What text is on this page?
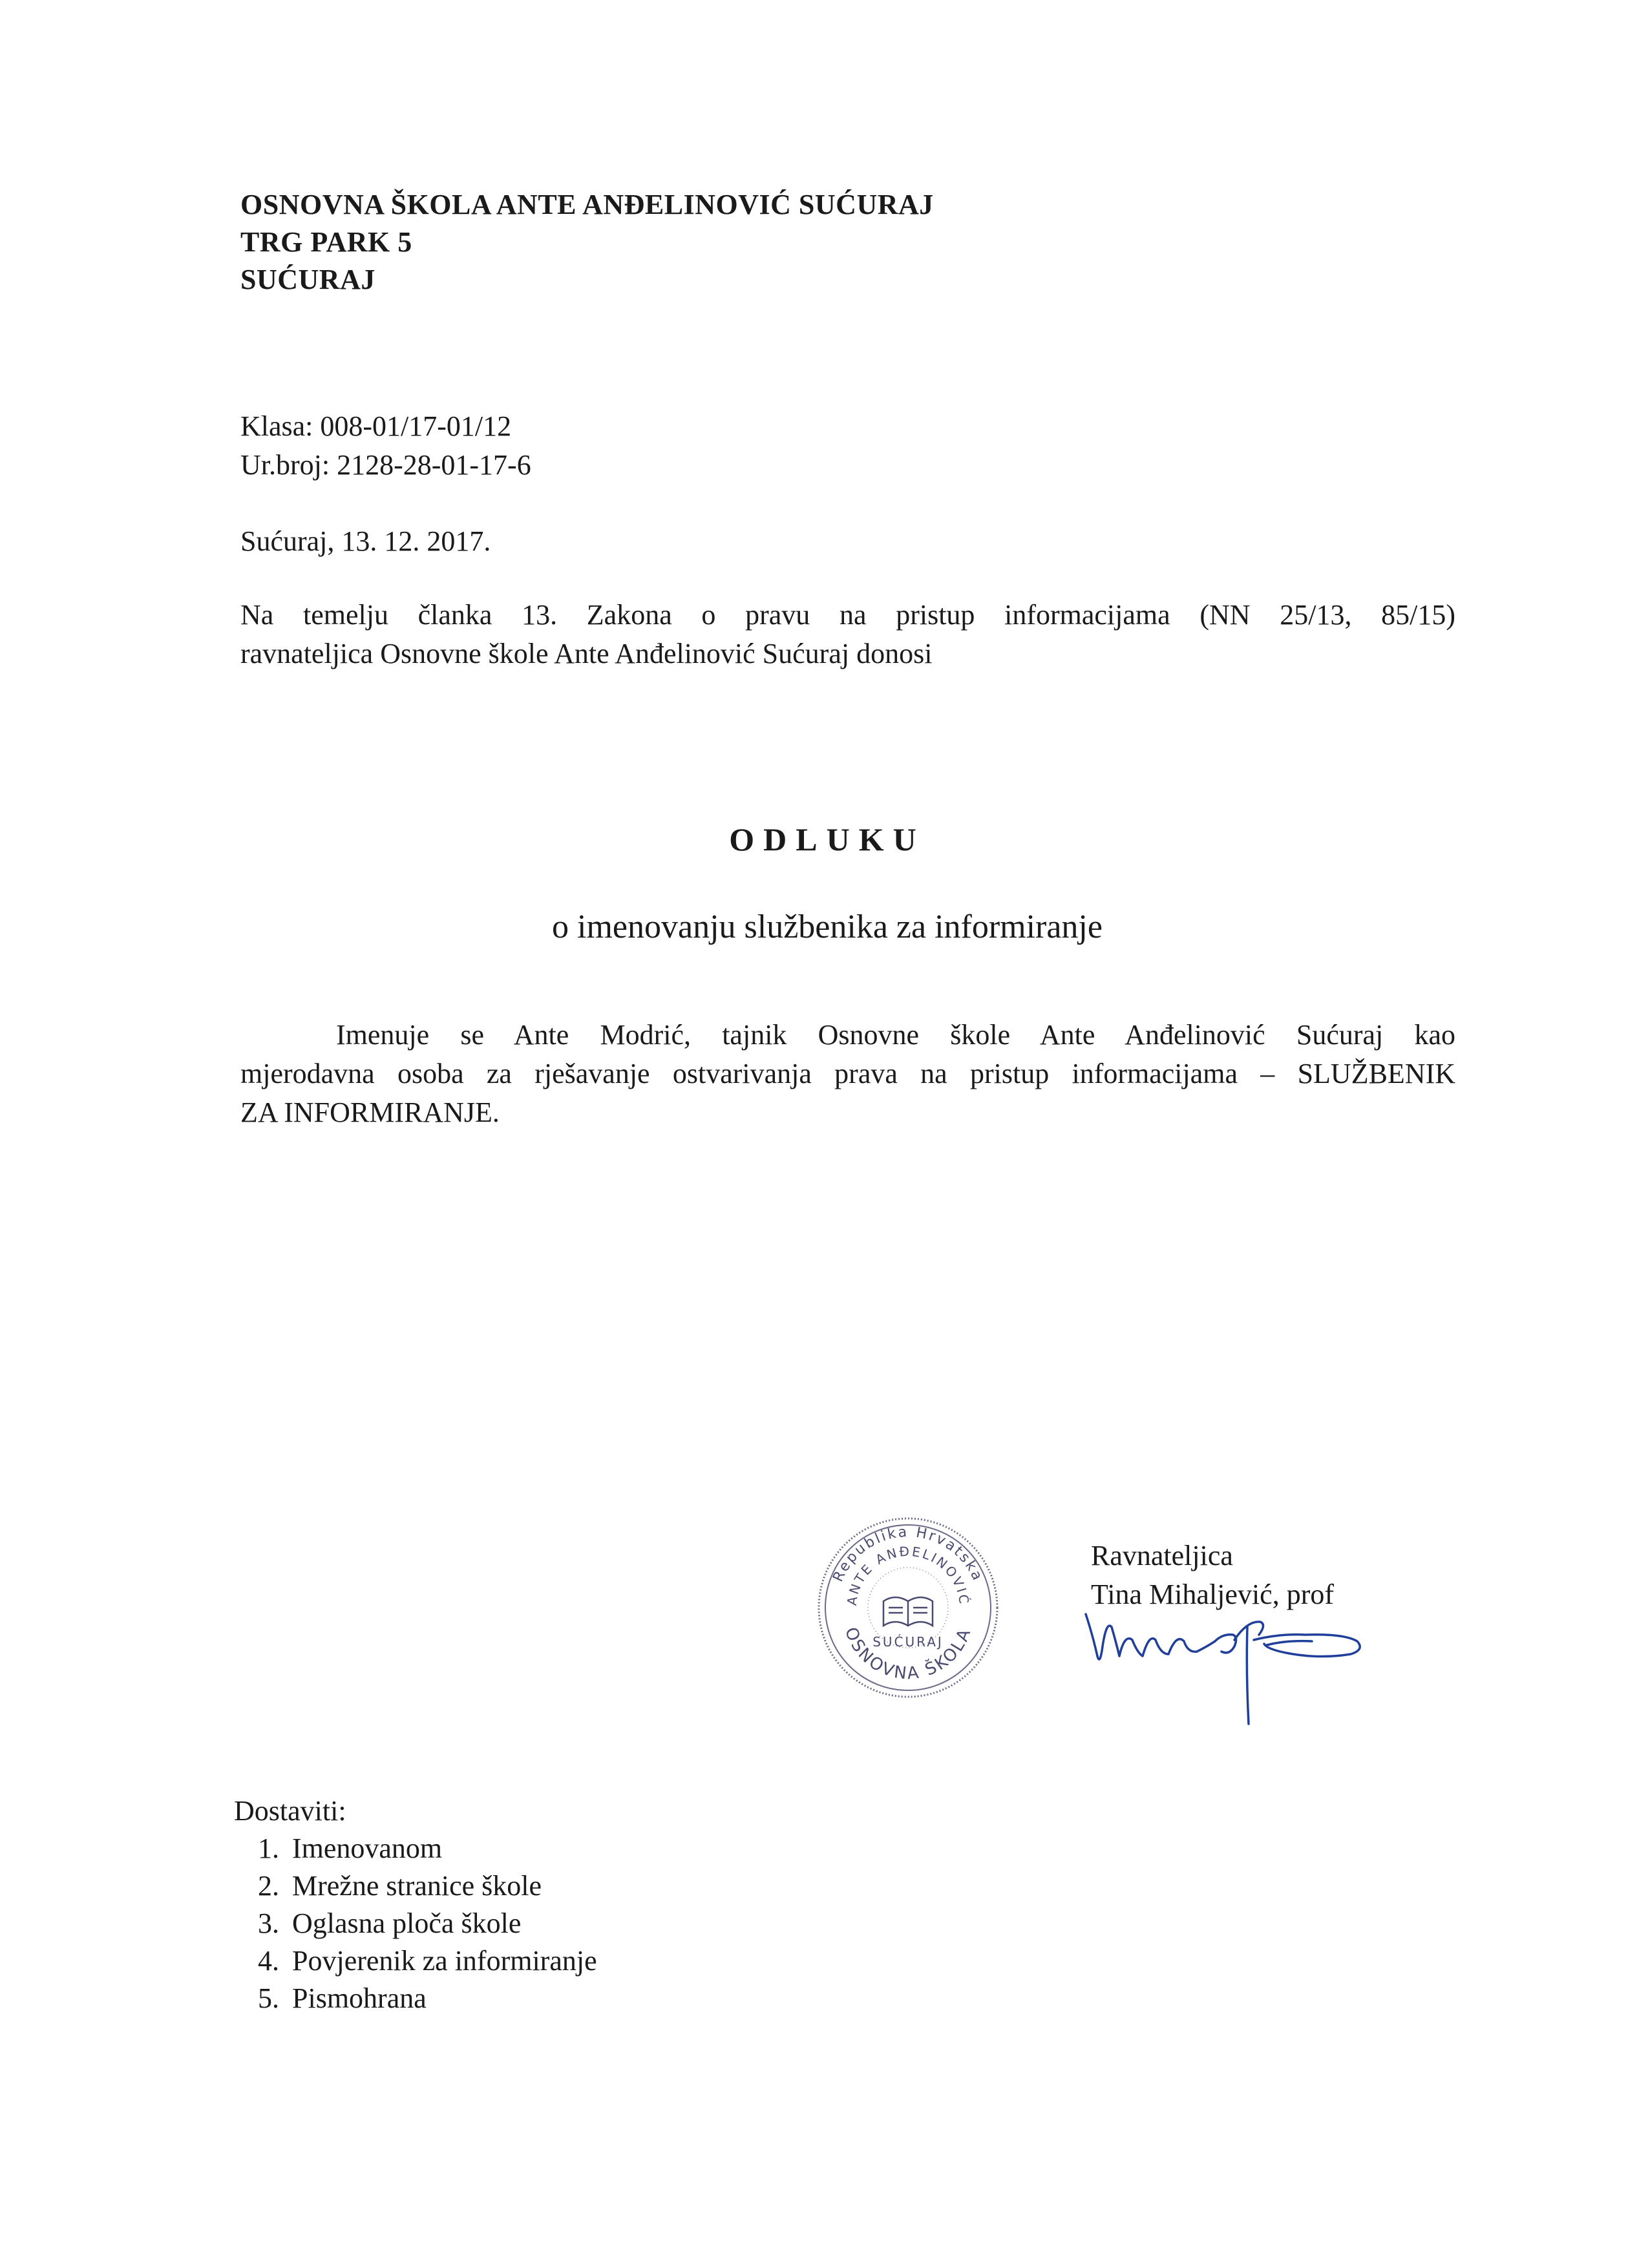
OSNOVNA ŠKOLA ANTE ANĐELINOVIĆ SUĆURAJ

TRG PARK 5

SUĆURAJ

Klasa: 008-01/17-01/12

Ur.broj: 2128-28-01-17-6

Sućuraj, 13. 12. 2017.
Na temelju članka 13. Zakona o pravu na pristup informacijama (NN 25/13, 85/15)
ravnateljica Osnovne škole Ante Anđelinović Sućuraj donosi
ODLUKU
o imenovanju službenika za informiranje
Imenuje se Ante Modrić, tajnik Osnovne škole Ante Anđelinović Sućuraj kao
mjerodavna osoba za rješavanje ostvarivanja prava na pristup informacijama – SLUŽBENIK
ZA INFORMIRANJE.
Republika Hrvatska
ANTE ANĐELINOVIĆ
OSNOVNA ŠKOLA
SUĆURAJ

Ravnateljica

Tina Mihaljević, prof

Dostaviti:

1. Imenovanom
2. Mrežne stranice škole
3. Oglasna ploča škole
4. Povjerenik za informiranje
5. Pismohrana
